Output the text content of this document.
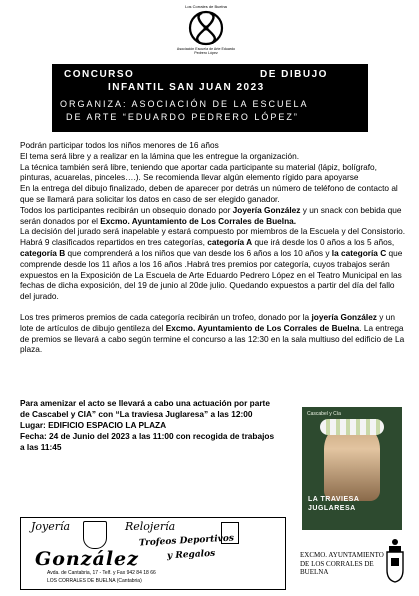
Los Corrales de Buelna
Asociación Escuela de Arte Eduardo Pedrero López
CONCURSO	DE DIBUJO
INFANTIL SAN JUAN 2023
ORGANIZA: ASOCIACIÓN DE LA ESCUELA
DE ARTE “EDUARDO PEDRERO LÓPEZ”

Podrán participar todos los niños menores de 16 años

El tema será libre y a realizar en la lámina que les entregue la organización.

La técnica también será libre, teniendo que aportar cada participante su material (lápiz, bolígrafo, pinturas, acuarelas, pinceles….). Se recomienda llevar algún elemento rígido para apoyarse

En la entrega del dibujo finalizado, deben de aparecer por detrás un número de teléfono de contacto al que se llamará para solicitar los datos en caso de ser elegido ganador.

Todos los participantes recibirán un obsequio donado por Joyería González y un snack con bebida que serán donados por el Excmo. Ayuntamiento de Los Corrales de Buelna.

La decisión del jurado será inapelable y estará compuesto por miembros de la Escuela y del Consistorio.

Habrá 9 clasificados repartidos en tres categorías, categoría A que irá desde los 0 años a los 5 años, categoría B que comprenderá a los niños que van desde los 6 años a los 10 años y la categoría C que comprende desde los 11 años a los 16 años .Habrá tres premios por categoría, cuyos trabajos serán expuestos en la Exposición de La Escuela de Arte Eduardo Pedrero López en el Teatro Municipal en las fechas de dicha exposición, del 19 de junio al 20de julio. Quedando expuestos a partir del día del fallo del jurado.

Los tres primeros premios de cada categoría recibirán un trofeo, donado por la joyería González y un lote de artículos de dibujo gentileza del Excmo. Ayuntamiento de Los Corrales de Buelna. La entrega de premios se llevará a cabo según termine el concurso a las 12:30 en la sala multiuso del edificio de La plaza.

Para amenizar el acto se llevará a cabo una actuación por parte de Cascabel y CIA” con “La traviesa Juglaresa” a las 12:00

Lugar: EDIFICIO ESPACIO LA PLAZA

Fecha: 24 de Junio del 2023 a las 11:00 con recogida de trabajos a las 11:45

Cascabel y Cía
LA TRAVIESA JUGLARESA
Joyería	Relojería
Trofeos Deportivos
y Regalos
González
Avda. de Cantabria, 17 - Telf. y Fax 942 84 18 66
LOS CORRALES DE BUELNA (Cantabria)

EXCMO. AYUNTAMIENTO

DE LOS CORRALES DE

BUELNA
